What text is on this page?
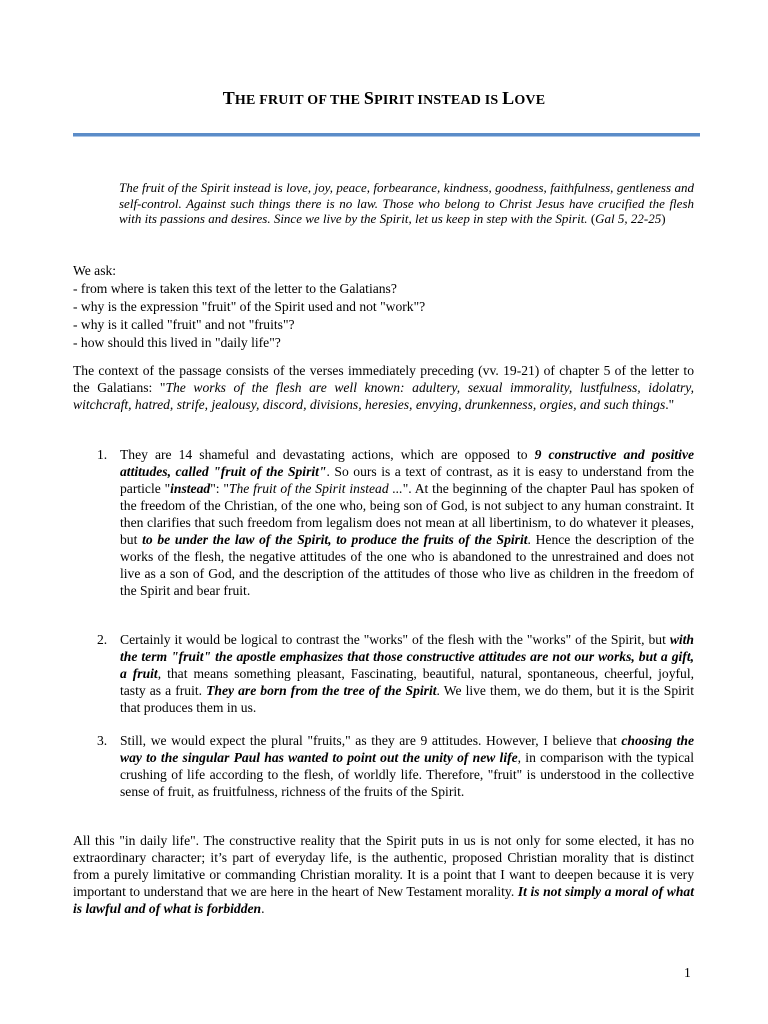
THE FRUIT OF THE SPIRIT INSTEAD IS LOVE
The fruit of the Spirit instead is love, joy, peace, forbearance, kindness, goodness, faithfulness, gentleness and self-control. Against such things there is no law. Those who belong to Christ Jesus have crucified the flesh with its passions and desires. Since we live by the Spirit, let us keep in step with the Spirit. (Gal 5, 22-25)
We ask:
- from where is taken this text of the letter to the Galatians?
- why is the expression "fruit" of the Spirit used and not "work"?
- why is it called "fruit" and not "fruits"?
- how should this lived in "daily life"?
The context of the passage consists of the verses immediately preceding (vv. 19-21) of chapter 5 of the letter to the Galatians: "The works of the flesh are well known: adultery, sexual immorality, lustfulness, idolatry, witchcraft, hatred, strife, jealousy, discord, divisions, heresies, envying, drunkenness, orgies, and such things."
1. They are 14 shameful and devastating actions, which are opposed to 9 constructive and positive attitudes, called "fruit of the Spirit". So ours is a text of contrast, as it is easy to understand from the particle "instead": "The fruit of the Spirit instead ...". At the beginning of the chapter Paul has spoken of the freedom of the Christian, of the one who, being son of God, is not subject to any human constraint. It then clarifies that such freedom from legalism does not mean at all libertinism, to do whatever it pleases, but to be under the law of the Spirit, to produce the fruits of the Spirit. Hence the description of the works of the flesh, the negative attitudes of the one who is abandoned to the unrestrained and does not live as a son of God, and the description of the attitudes of those who live as children in the freedom of the Spirit and bear fruit.
2. Certainly it would be logical to contrast the "works" of the flesh with the "works" of the Spirit, but with the term "fruit" the apostle emphasizes that those constructive attitudes are not our works, but a gift, a fruit, that means something pleasant, Fascinating, beautiful, natural, spontaneous, cheerful, joyful, tasty as a fruit. They are born from the tree of the Spirit. We live them, we do them, but it is the Spirit that produces them in us.
3. Still, we would expect the plural "fruits," as they are 9 attitudes. However, I believe that choosing the way to the singular Paul has wanted to point out the unity of new life, in comparison with the typical crushing of life according to the flesh, of worldly life. Therefore, "fruit" is understood in the collective sense of fruit, as fruitfulness, richness of the fruits of the Spirit.
All this "in daily life". The constructive reality that the Spirit puts in us is not only for some elected, it has no extraordinary character; it’s part of everyday life, is the authentic, proposed Christian morality that is distinct from a purely limitative or commanding Christian morality. It is a point that I want to deepen because it is very important to understand that we are here in the heart of New Testament morality. It is not simply a moral of what is lawful and of what is forbidden.
1
